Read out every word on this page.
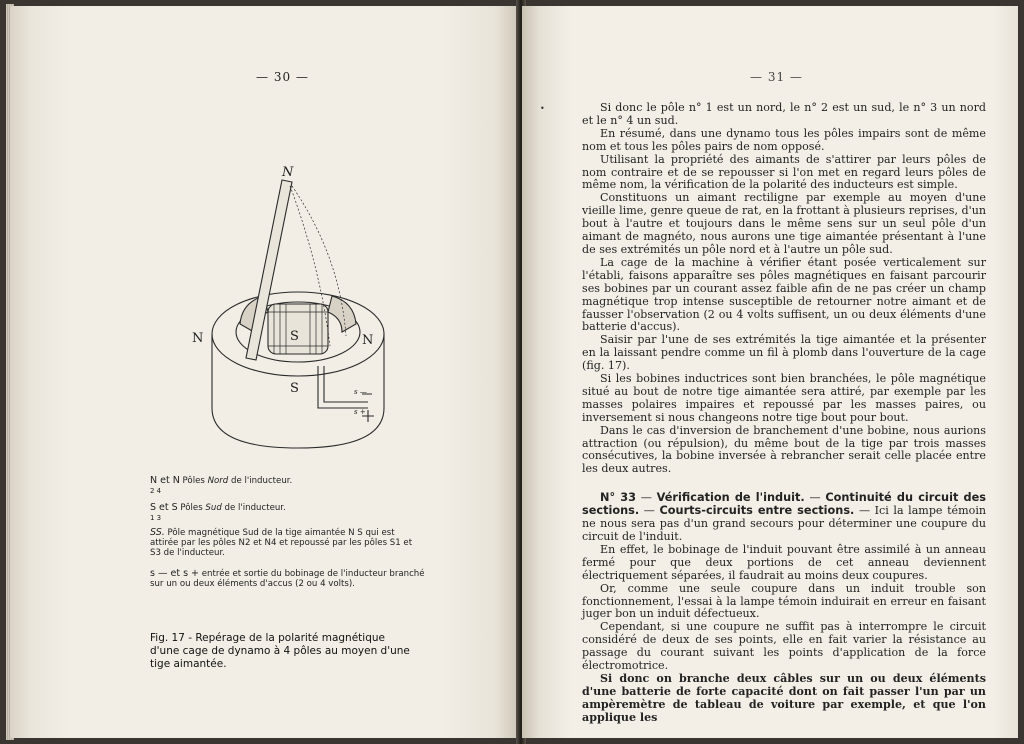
— 30 —
N
N	N
S
S	s —
s +
N et N Pôles Nord de l'inducteur.
2 4
S et S Pôles Sud de l'inducteur.
1 3
SS. Pôle magnétique Sud de la tige aimantée N S qui est attirée par les pôles N2 et N4 et repoussé par les pôles S1 et S3 de l'inducteur.
s — et s + entrée et sortie du bobinage de l'inducteur branché sur un ou deux éléments d'accus (2 ou 4 volts).
Fig. 17 - Repérage de la polarité magnétique d'une cage de dynamo à 4 pôles au moyen d'une tige aimantée.
— 31 —
•	Si donc le pôle n° 1 est un nord, le n° 2 est un sud, le n° 3 un nord et le n° 4 un sud.

En résumé, dans une dynamo tous les pôles impairs sont de même nom et tous les pôles pairs de nom opposé.

Utilisant la propriété des aimants de s'attirer par leurs pôles de nom contraire et de se repousser si l'on met en regard leurs pôles de même nom, la vérification de la polarité des inducteurs est simple.

Constituons un aimant rectiligne par exemple au moyen d'une vieille lime, genre queue de rat, en la frottant à plusieurs reprises, d'un bout à l'autre et toujours dans le même sens sur un seul pôle d'un aimant de magnéto, nous aurons une tige aimantée présentant à l'une de ses extrémités un pôle nord et à l'autre un pôle sud.

La cage de la machine à vérifier étant posée verticalement sur l'établi, faisons apparaître ses pôles magnétiques en faisant parcourir ses bobines par un courant assez faible afin de ne pas créer un champ magnétique trop intense susceptible de retourner notre aimant et de fausser l'observation (2 ou 4 volts suffisent, un ou deux éléments d'une batterie d'accus).

Saisir par l'une de ses extrémités la tige aimantée et la présenter en la laissant pendre comme un fil à plomb dans l'ouverture de la cage (fig. 17).

Si les bobines inductrices sont bien branchées, le pôle magnétique situé au bout de notre tige aimantée sera attiré, par exemple par les masses polaires impaires et repoussé par les masses paires, ou inversement si nous changeons notre tige bout pour bout.

Dans le cas d'inversion de branchement d'une bobine, nous aurions attraction (ou répulsion), du même bout de la tige par trois masses consécutives, la bobine inversée à rebrancher serait celle placée entre les deux autres.

N° 33 — Vérification de l'induit. — Continuité du circuit des sections. — Courts-circuits entre sections. — Ici la lampe témoin ne nous sera pas d'un grand secours pour déterminer une coupure du circuit de l'induit.

En effet, le bobinage de l'induit pouvant être assimilé à un anneau fermé pour que deux portions de cet anneau deviennent électriquement séparées, il faudrait au moins deux coupures.

Or, comme une seule coupure dans un induit trouble son fonctionnement, l'essai à la lampe témoin induirait en erreur en faisant juger bon un induit défectueux.

Cependant, si une coupure ne suffit pas à interrompre le circuit considéré de deux de ses points, elle en fait varier la résistance au passage du courant suivant les points d'application de la force électromotrice.

Si donc on branche deux câbles sur un ou deux éléments d'une batterie de forte capacité dont on fait passer l'un par un ampèremètre de tableau de voiture par exemple, et que l'on applique les
